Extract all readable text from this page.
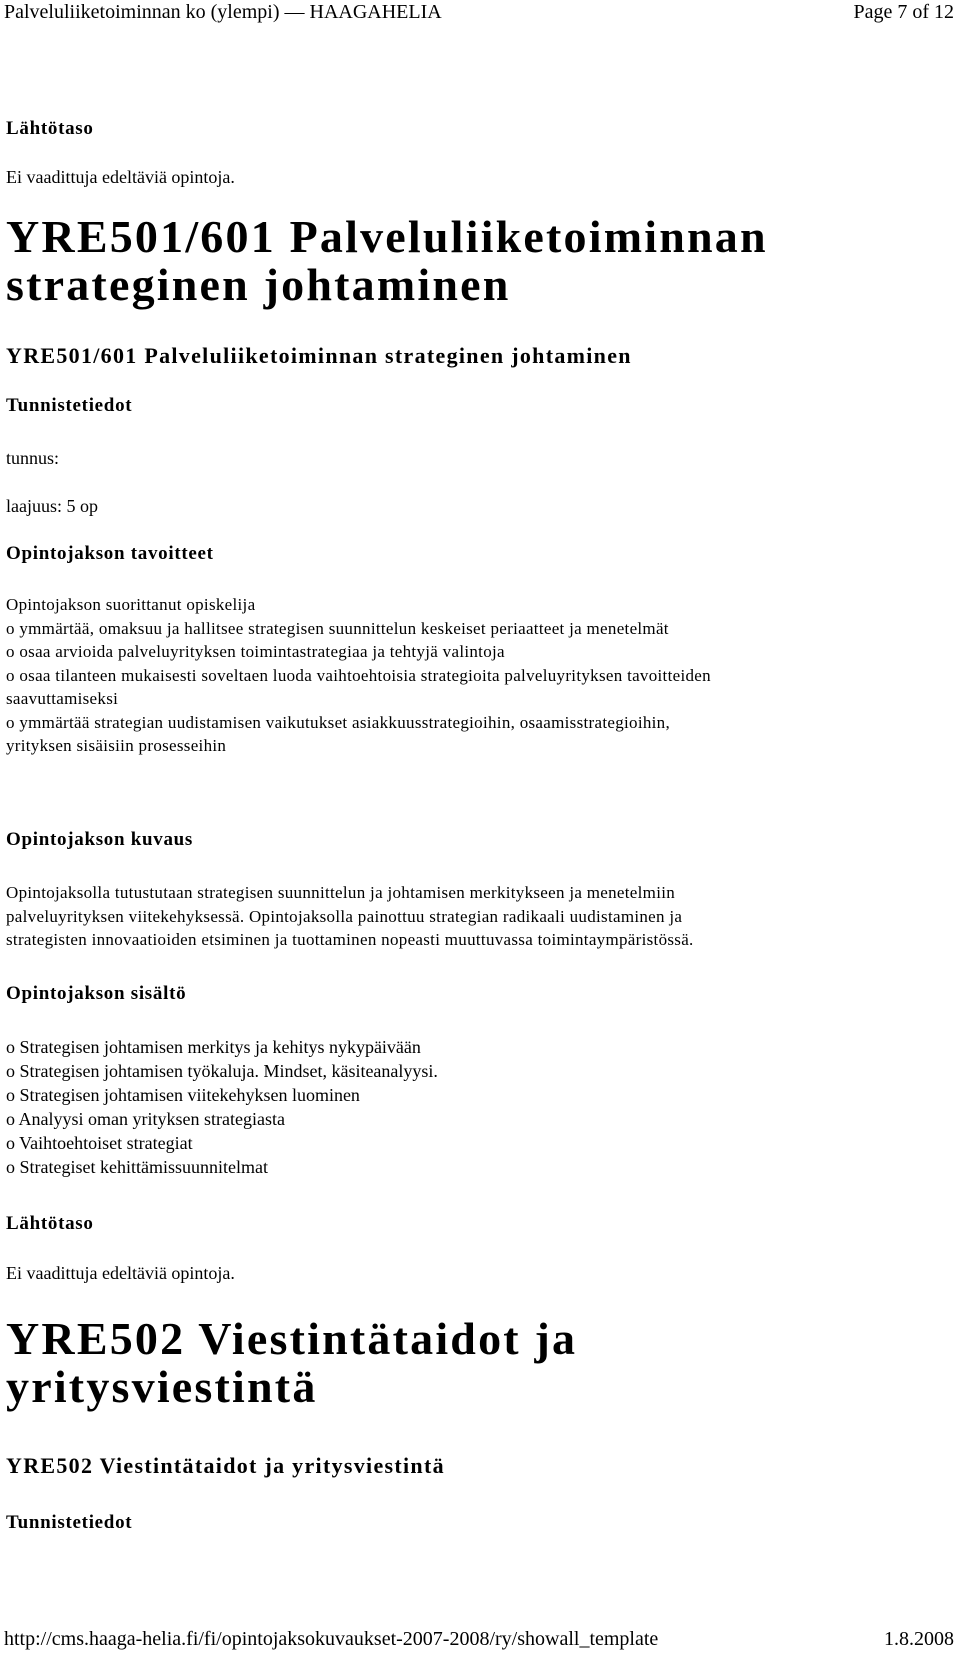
Palveluliiketoiminnan ko (ylempi) — HAAGAHELIA	Page 7 of 12
Lähtötaso
Ei vaadittuja edeltäviä opintoja.
YRE501/601 Palveluliiketoiminnan
strateginen johtaminen
YRE501/601 Palveluliiketoiminnan strateginen johtaminen
Tunnistetiedot
tunnus:
laajuus: 5 op
Opintojakson tavoitteet
Opintojakson suorittanut opiskelija
o ymmärtää, omaksuu ja hallitsee strategisen suunnittelun keskeiset periaatteet ja menetelmät
o osaa arvioida palveluyrityksen toimintastrategiaa ja tehtyjä valintoja
o osaa tilanteen mukaisesti soveltaen luoda vaihtoehtoisia strategioita palveluyrityksen tavoitteiden
saavuttamiseksi
o ymmärtää strategian uudistamisen vaikutukset asiakkuusstrategioihin, osaamisstrategioihin,
yrityksen sisäisiin prosesseihin
Opintojakson kuvaus
Opintojaksolla tutustutaan strategisen suunnittelun ja johtamisen merkitykseen ja menetelmiin
palveluyrityksen viitekehyksessä. Opintojaksolla painottuu strategian radikaali uudistaminen ja
strategisten innovaatioiden etsiminen ja tuottaminen nopeasti muuttuvassa toimintaympäristössä.
Opintojakson sisältö
o Strategisen johtamisen merkitys ja kehitys nykypäivään
o Strategisen johtamisen työkaluja. Mindset, käsiteanalyysi.
o Strategisen johtamisen viitekehyksen luominen
o Analyysi oman yrityksen strategiasta
o Vaihtoehtoiset strategiat
o Strategiset kehittämissuunnitelmat
Lähtötaso
Ei vaadittuja edeltäviä opintoja.
YRE502 Viestintätaidot ja
yritysviestintä
YRE502 Viestintätaidot ja yritysviestintä
Tunnistetiedot
http://cms.haaga-helia.fi/fi/opintojaksokuvaukset-2007-2008/ry/showall_template	1.8.2008
